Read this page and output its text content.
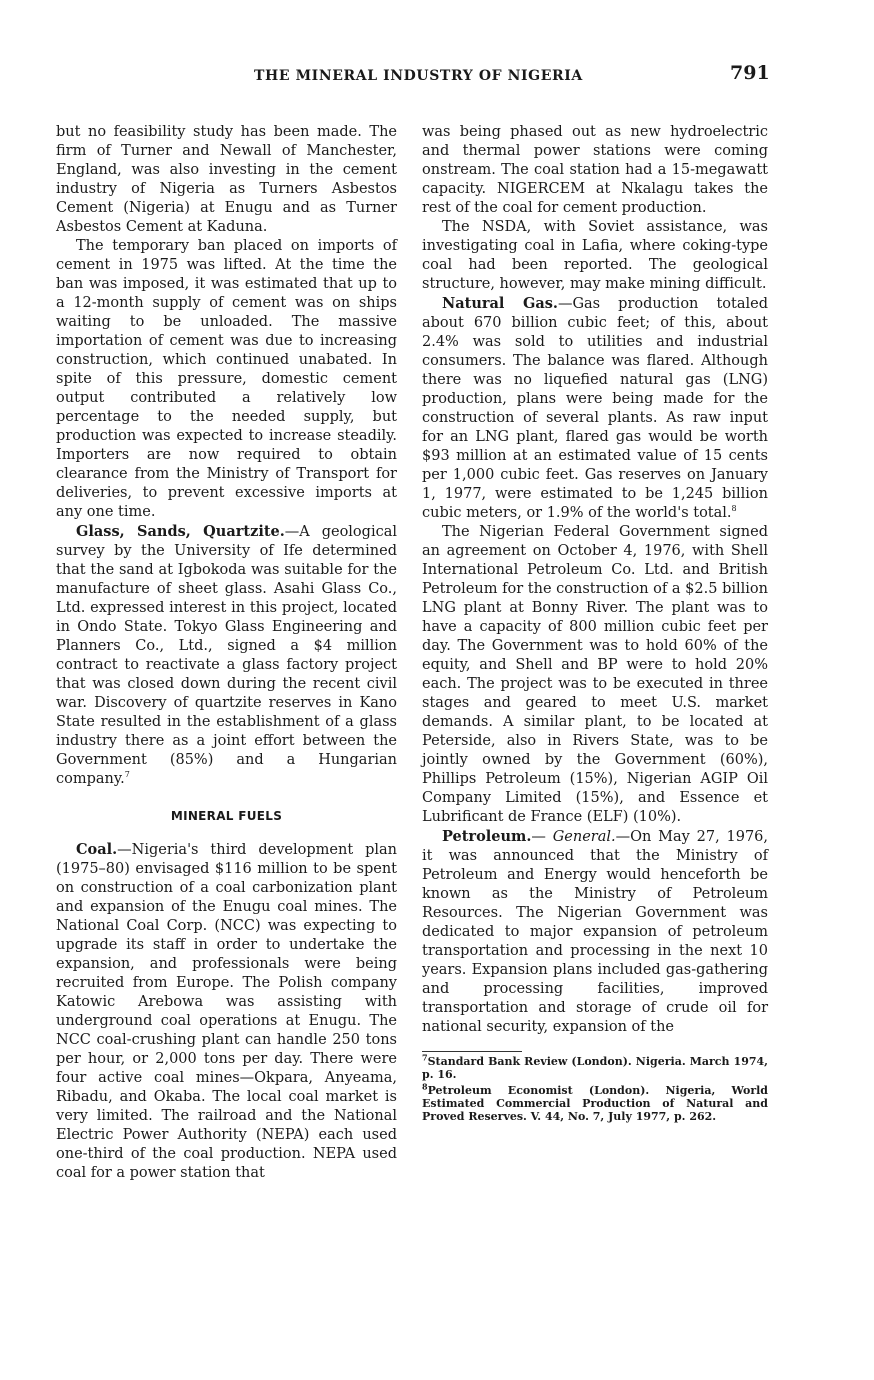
THE MINERAL INDUSTRY OF NIGERIA	791

but no feasibility study has been made. The firm of Turner and Newall of Manchester, England, was also investing in the cement industry of Nigeria as Turners Asbestos Cement (Nigeria) at Enugu and as Turner Asbestos Cement at Kaduna.

The temporary ban placed on imports of cement in 1975 was lifted. At the time the ban was imposed, it was estimated that up to a 12-month supply of cement was on ships waiting to be unloaded. The massive importation of cement was due to increasing construction, which continued unabated. In spite of this pressure, domestic cement output contributed a relatively low percentage to the needed supply, but production was expected to increase steadily. Importers are now required to obtain clearance from the Ministry of Transport for deliveries, to prevent excessive imports at any one time.

Glass, Sands, Quartzite.—A geological survey by the University of Ife determined that the sand at Igbokoda was suitable for the manufacture of sheet glass. Asahi Glass Co., Ltd. expressed interest in this project, located in Ondo State. Tokyo Glass Engineering and Planners Co., Ltd., signed a $4 million contract to reactivate a glass factory project that was closed down during the recent civil war. Discovery of quartzite reserves in Kano State resulted in the establishment of a glass industry there as a joint effort between the Government (85%) and a Hungarian company.$^7$

MINERAL FUELS

Coal.—Nigeria's third development plan (1975–80) envisaged $116 million to be spent on construction of a coal carbonization plant and expansion of the Enugu coal mines. The National Coal Corp. (NCC) was expecting to upgrade its staff in order to undertake the expansion, and professionals were being recruited from Europe. The Polish company Katowic Arebowa was assisting with underground coal operations at Enugu. The NCC coal-crushing plant can handle 250 tons per hour, or 2,000 tons per day. There were four active coal mines—Okpara, Anyeama, Ribadu, and Okaba. The local coal market is very limited. The railroad and the National Electric Power Authority (NEPA) each used one-third of the coal production. NEPA used coal for a power station that

was being phased out as new hydroelectric and thermal power stations were coming onstream. The coal station had a 15-megawatt capacity. NIGERCEM at Nkalagu takes the rest of the coal for cement production.

The NSDA, with Soviet assistance, was investigating coal in Lafia, where coking-type coal had been reported. The geological structure, however, may make mining difficult.

Natural Gas.—Gas production totaled about 670 billion cubic feet; of this, about 2.4% was sold to utilities and industrial consumers. The balance was flared. Although there was no liquefied natural gas (LNG) production, plans were being made for the construction of several plants. As raw input for an LNG plant, flared gas would be worth $93 million at an estimated value of 15 cents per 1,000 cubic feet. Gas reserves on January 1, 1977, were estimated to be 1,245 billion cubic meters, or 1.9% of the world's total.$^8$

The Nigerian Federal Government signed an agreement on October 4, 1976, with Shell International Petroleum Co. Ltd. and British Petroleum for the construction of a $2.5 billion LNG plant at Bonny River. The plant was to have a capacity of 800 million cubic feet per day. The Government was to hold 60% of the equity, and Shell and BP were to hold 20% each. The project was to be executed in three stages and geared to meet U.S. market demands. A similar plant, to be located at Peterside, also in Rivers State, was to be jointly owned by the Government (60%), Phillips Petroleum (15%), Nigerian AGIP Oil Company Limited (15%), and Essence et Lubrificant de France (ELF) (10%).

Petroleum.— General.—On May 27, 1976, it was announced that the Ministry of Petroleum and Energy would henceforth be known as the Ministry of Petroleum Resources. The Nigerian Government was dedicated to major expansion of petroleum transportation and processing in the next 10 years. Expansion plans included gas-gathering and processing facilities, improved transportation and storage of crude oil for national security, expansion of the

$^7$Standard Bank Review (London). Nigeria. March 1974, p. 16.
$^8$Petroleum Economist (London). Nigeria, World Estimated Commercial Production of Natural and Proved Reserves. V. 44, No. 7, July 1977, p. 262.
